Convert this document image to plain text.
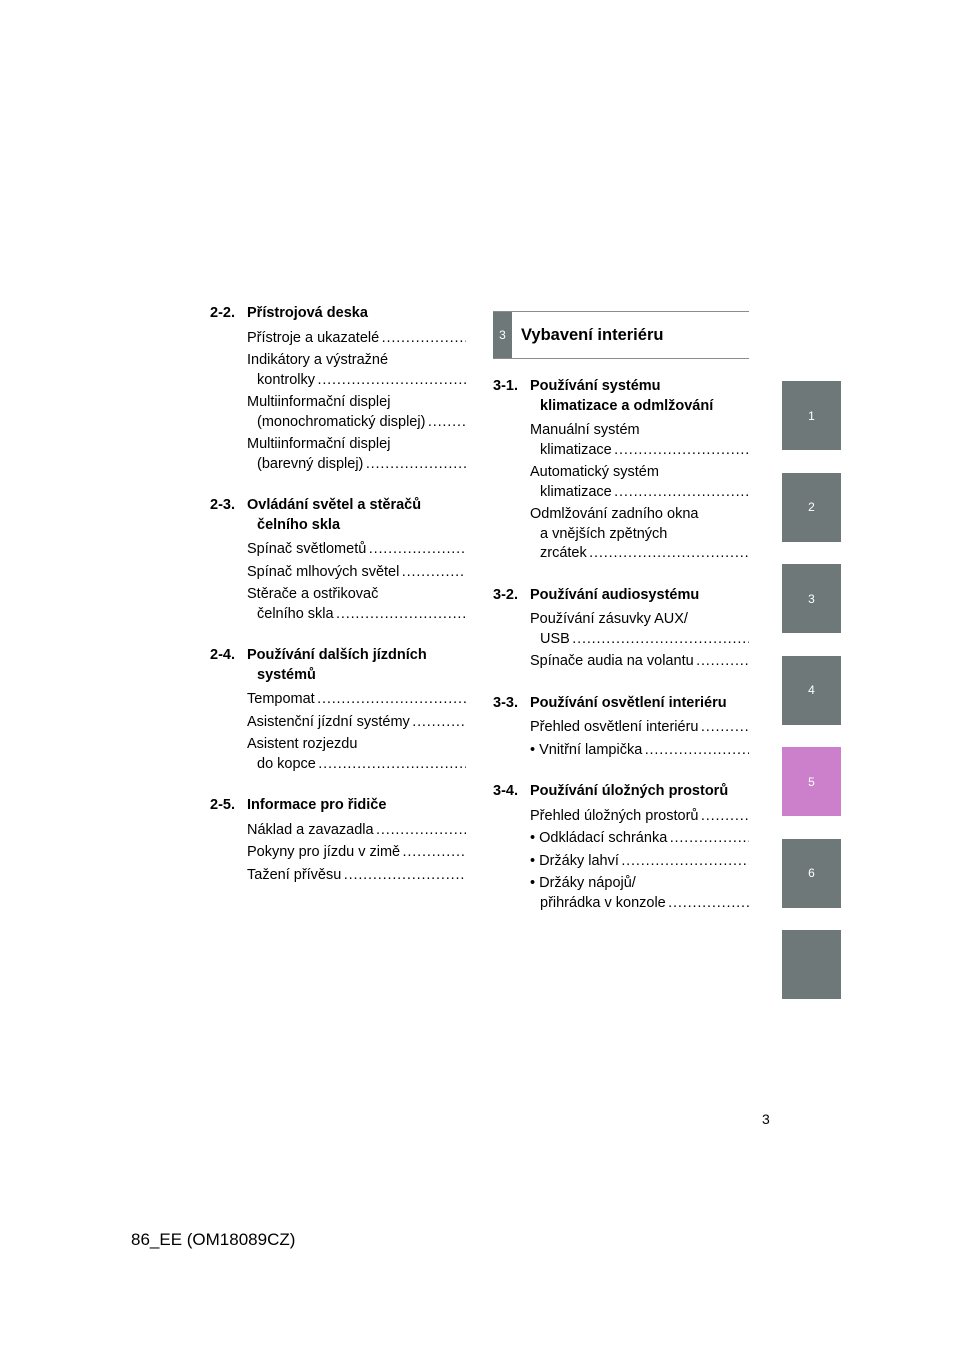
2-2. Přístrojová deska
Přístroje a ukazatelé . . .
Indikátory a výstražné
kontrolky . . .
Multiinformační displej
(monochromatický displej) . . .
Multiinformační displej
(barevný displej) . . .
2-3. Ovládání světel a stěračů
čelního skla
Spínač světlometů . . .
Spínač mlhových světel . . .
Stěrače a ostřikovač
čelního skla . . .
2-4. Používání dalších jízdních
systémů
Tempomat . . .
Asistenční jízdní systémy . . .
Asistent rozjezdu
do kopce . . .
2-5. Informace pro řidiče
Náklad a zavazadla . . .
Pokyny pro jízdu v zimě . . .
Tažení přívěsu . . .
3 Vybavení interiéru
3-1. Používání systému
klimatizace a odmlžování
Manuální systém
klimatizace . . .
Automatický systém
klimatizace . . .
Odmlžování zadního okna
a vnějších zpětných
zrcátek . . .
3-2. Používání audiosystému
Používání zásuvky AUX/
USB . . .
Spínače audia na volantu . . .
3-3. Používání osvětlení interiéru
Přehled osvětlení interiéru . . .
• Vnitřní lampička . . .
3-4. Používání úložných prostorů
Přehled úložných prostorů . . .
• Odkládací schránka . . .
• Držáky lahví . . .
• Držáky nápojů/
přihrádka v konzole . . .
1
2
3
4
5
6
3
86_EE (OM18089CZ)
